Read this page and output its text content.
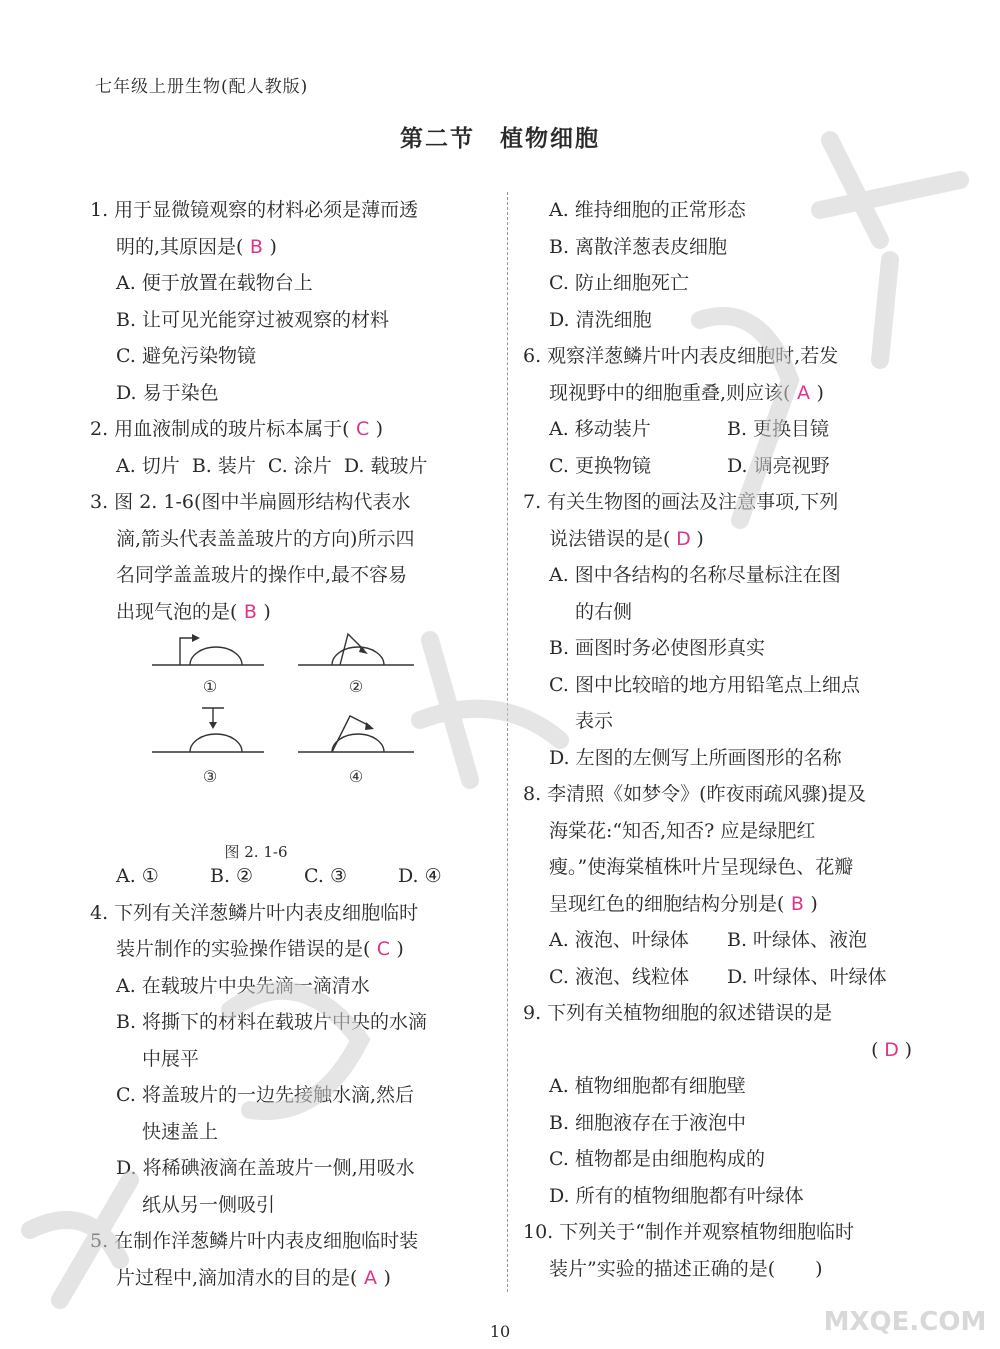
七年级上册生物(配人教版)
第二节　植物细胞
1. 用于显微镜观察的材料必须是薄而透
明的,其原因是( B )
A. 便于放置在载物台上
B. 让可见光能穿过被观察的材料
C. 避免污染物镜
D. 易于染色
2. 用血液制成的玻片标本属于( C )
A. 切片 B. 装片 C. 涂片 D. 载玻片
3. 图 2. 1-6(图中半扁圆形结构代表水
滴,箭头代表盖盖玻片的方向)所示四
名同学盖盖玻片的操作中,最不容易
出现气泡的是( B )
①	②
③	④
图 2. 1-6
A. ①	B. ②	C. ③	D. ④
4. 下列有关洋葱鳞片叶内表皮细胞临时
装片制作的实验操作错误的是( C )
A. 在载玻片中央先滴一滴清水
B. 将撕下的材料在载玻片中央的水滴
中展平
C. 将盖玻片的一边先接触水滴,然后
快速盖上
D. 将稀碘液滴在盖玻片一侧,用吸水
纸从另一侧吸引
5. 在制作洋葱鳞片叶内表皮细胞临时装
片过程中,滴加清水的目的是( A )
A. 维持细胞的正常形态
B. 离散洋葱表皮细胞
C. 防止细胞死亡
D. 清洗细胞
6. 观察洋葱鳞片叶内表皮细胞时,若发
现视野中的细胞重叠,则应该( A )
A. 移动装片	B. 更换目镜
C. 更换物镜	D. 调亮视野
7. 有关生物图的画法及注意事项,下列
说法错误的是( D )
A. 图中各结构的名称尽量标注在图
的右侧
B. 画图时务必使图形真实
C. 图中比较暗的地方用铅笔点上细点
表示
D. 左图的左侧写上所画图形的名称
8. 李清照《如梦令》(昨夜雨疏风骤)提及
海棠花:“知否,知否? 应是绿肥红
瘦。”使海棠植株叶片呈现绿色、花瓣
呈现红色的细胞结构分别是( B )
A. 液泡、叶绿体 B. 叶绿体、液泡
C. 液泡、线粒体 D. 叶绿体、叶绿体
9. 下列有关植物细胞的叙述错误的是
( D )
A. 植物细胞都有细胞壁
B. 细胞液存在于液泡中
C. 植物都是由细胞构成的
D. 所有的植物细胞都有叶绿体
10. 下列关于“制作并观察植物细胞临时
装片”实验的描述正确的是( )
10	MXQE.COM
